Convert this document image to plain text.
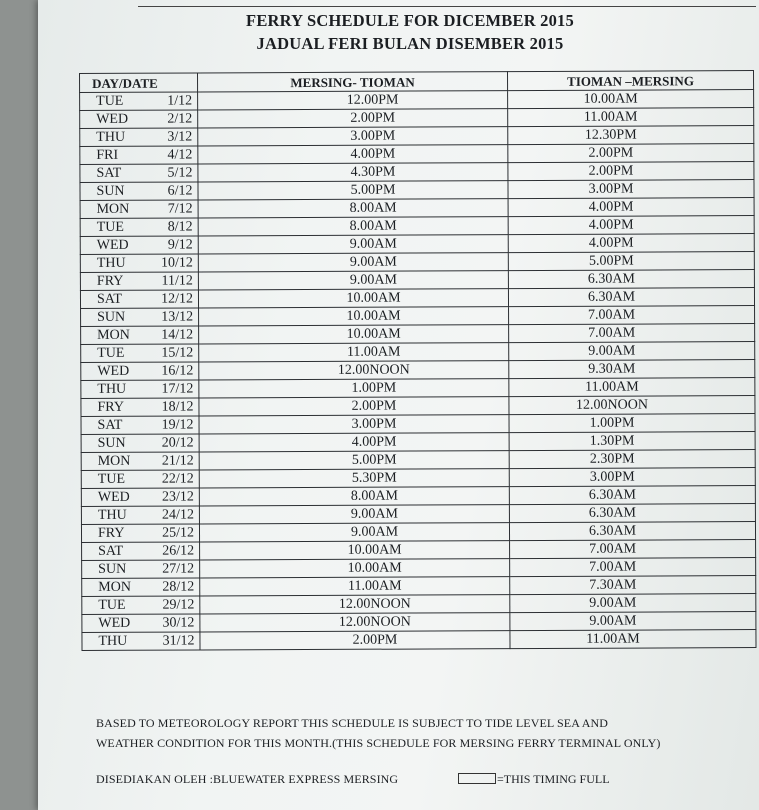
FERRY SCHEDULE FOR DICEMBER 2015
JADUAL FERI BULAN DISEMBER 2015
DAY/DATE	MERSING- TIOMAN	TIOMAN –MERSING
TUE 1/12	12.00PM	10.00AM
WED 2/12	2.00PM	11.00AM
THU 3/12	3.00PM	12.30PM
FRI 4/12	4.00PM	2.00PM
SAT 5/12	4.30PM	2.00PM
SUN 6/12	5.00PM	3.00PM
MON 7/12	8.00AM	4.00PM
TUE 8/12	8.00AM	4.00PM
WED 9/12	9.00AM	4.00PM
THU 10/12	9.00AM	5.00PM
FRY 11/12	9.00AM	6.30AM
SAT 12/12	10.00AM	6.30AM
SUN 13/12	10.00AM	7.00AM
MON 14/12	10.00AM	7.00AM
TUE 15/12	11.00AM	9.00AM
WED 16/12	12.00NOON	9.30AM
THU 17/12	1.00PM	11.00AM
FRY 18/12	2.00PM	12.00NOON
SAT 19/12	3.00PM	1.00PM
SUN 20/12	4.00PM	1.30PM
MON 21/12	5.00PM	2.30PM
TUE 22/12	5.30PM	3.00PM
WED 23/12	8.00AM	6.30AM
THU 24/12	9.00AM	6.30AM
FRY 25/12	9.00AM	6.30AM
SAT 26/12	10.00AM	7.00AM
SUN 27/12	10.00AM	7.00AM
MON 28/12	11.00AM	7.30AM
TUE 29/12	12.00NOON	9.00AM
WED 30/12	12.00NOON	9.00AM
THU 31/12	2.00PM	11.00AM
BASED TO METEOROLOGY REPORT THIS SCHEDULE IS SUBJECT TO TIDE LEVEL SEA AND
WEATHER CONDITION FOR THIS MONTH.(THIS SCHEDULE FOR MERSING FERRY TERMINAL ONLY)
DISEDIAKAN OLEH :BLUEWATER EXPRESS MERSING	=THIS TIMING FULL
